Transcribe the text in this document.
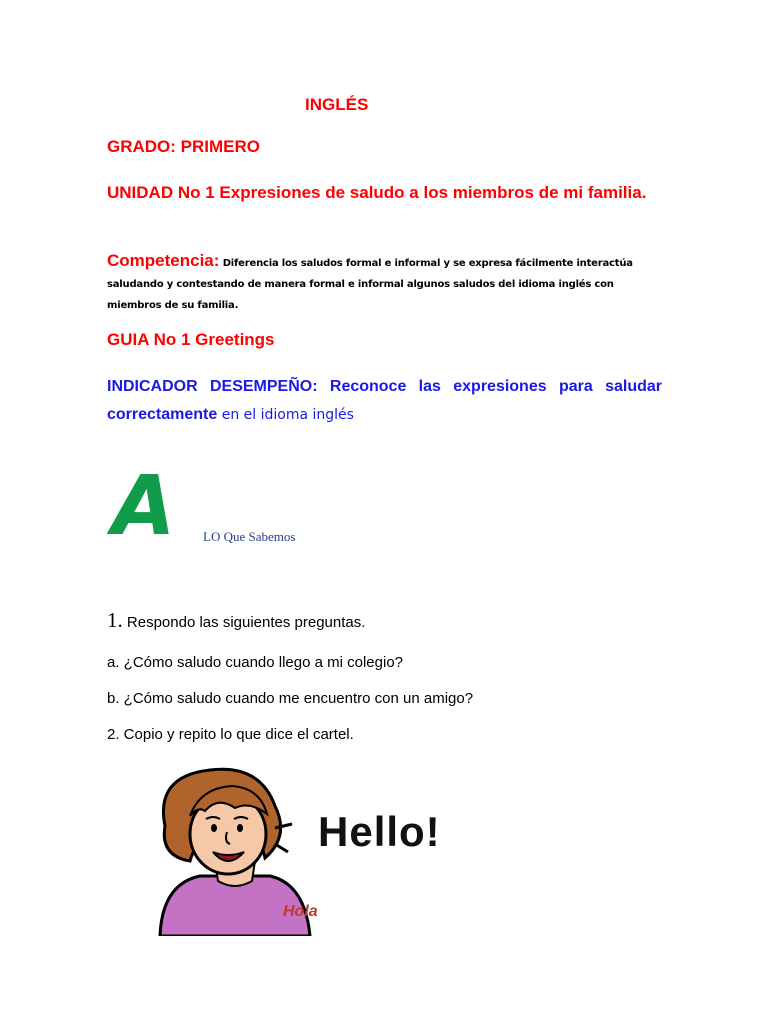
INGLÉS
GRADO: PRIMERO
UNIDAD No 1 Expresiones de saludo a los miembros de mi familia.
Competencia: Diferencia los saludos formal e informal y se expresa fácilmente interactúa saludando y contestando de manera formal e informal algunos saludos del idioma inglés con miembros de su familia.
GUIA No 1 Greetings
INDICADOR DESEMPEÑO: Reconoce las expresiones para saludar correctamente en el idioma inglés
A LO Que Sabemos
1. Respondo las siguientes preguntas.
a. ¿Cómo saludo cuando llego a mi colegio?
b. ¿Cómo saludo cuando me encuentro con un amigo?
2. Copio y repito lo que dice el cartel.
Hello!
Hola
